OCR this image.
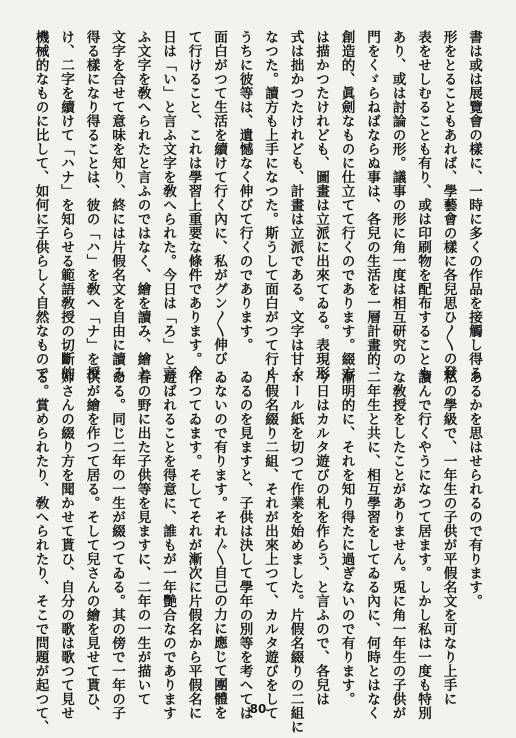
書は或は展覽會の樣に、一時に多くの作品を接觸し得る
形をとることもあれば、學藝會の樣に各兒思ひ〳〵の發
表をせしむることも有り、或は印刷物を配布することも
あり、或は討論の形。議事の形に角一度は相互研究の
門をくゞらねばならぬ事は、各兒の生活を一層計畫的、
創造的、眞劍なものに仕立てて行くのであります。綴方
は描かつたけれども、圖畫は立派に出來てゐる。表現形
式は拙かつたけれども、計畫は立派である。文字は甘く
なつた。讀方も上手になつた。斯うして面白がつて行く
うちに彼等は、遺憾なく伸びて行くのであります。
面白がつて生活を續けて行く內に、私がグン〳〵伸び
て行けること、これは學習上重要な條件であります。今
日は「い」と言ふ文字を敎へられた。今日は「ろ」と言
ふ文字を敎へられたと言ふのではなく、繪を讀み、繪と
文字を合せて意味を知り、終には片假名文を自由に讀み
得る樣になり得ることは、彼の「ハ」を敎へ「ナ」を授
け、二字を續けて「ハナ」を知らせる範語敎授の切斷的
機械的なものに比して、如何に子供らしく自然なもので
あるかを思はせられるので有ります。
私の學級で、一年生の子供が平假名文を可なり上手に
讀んで行くやうになつて居ます。しかし私は一度も特別
な敎授をしたことがありません。兎に角一年生の子供が
二年生と共に、相互學習をしてゐる內に、何時とはなく
漸明的に、それを知り得たに過ぎないので有ります。
今日はカルタ遊びの札を作らう、と言ふので、各兒は
ボール紙を切つて作業を始めました。片假名綴りの二組に
片假名綴り二組、それが出來上つて、カルタ遊びをして
ゐるのを見ますと、子供は決して學年の別等を考へては
ゐないので有ります。それ〴〵自己の力に應じて團體を
作つてゐます。そしてそれが漸次に片假名から平假名に
遊ばれることを得意に、誰もが一年艷合なのであります
春の野に出た子供等を見ますに、二年の一生が描いて
ゐる。同じ二年の一生が綴つてゐる。其の傍で一年の子
供が繪を作つて居る。そして兒さんの繪を見せて貰ひ、
姉さんの綴り方を聞かせて貰ひ、自分の歌は歌つて見せ
る。賞められたり、敎へられたり、そこで問題が起つて、	80
